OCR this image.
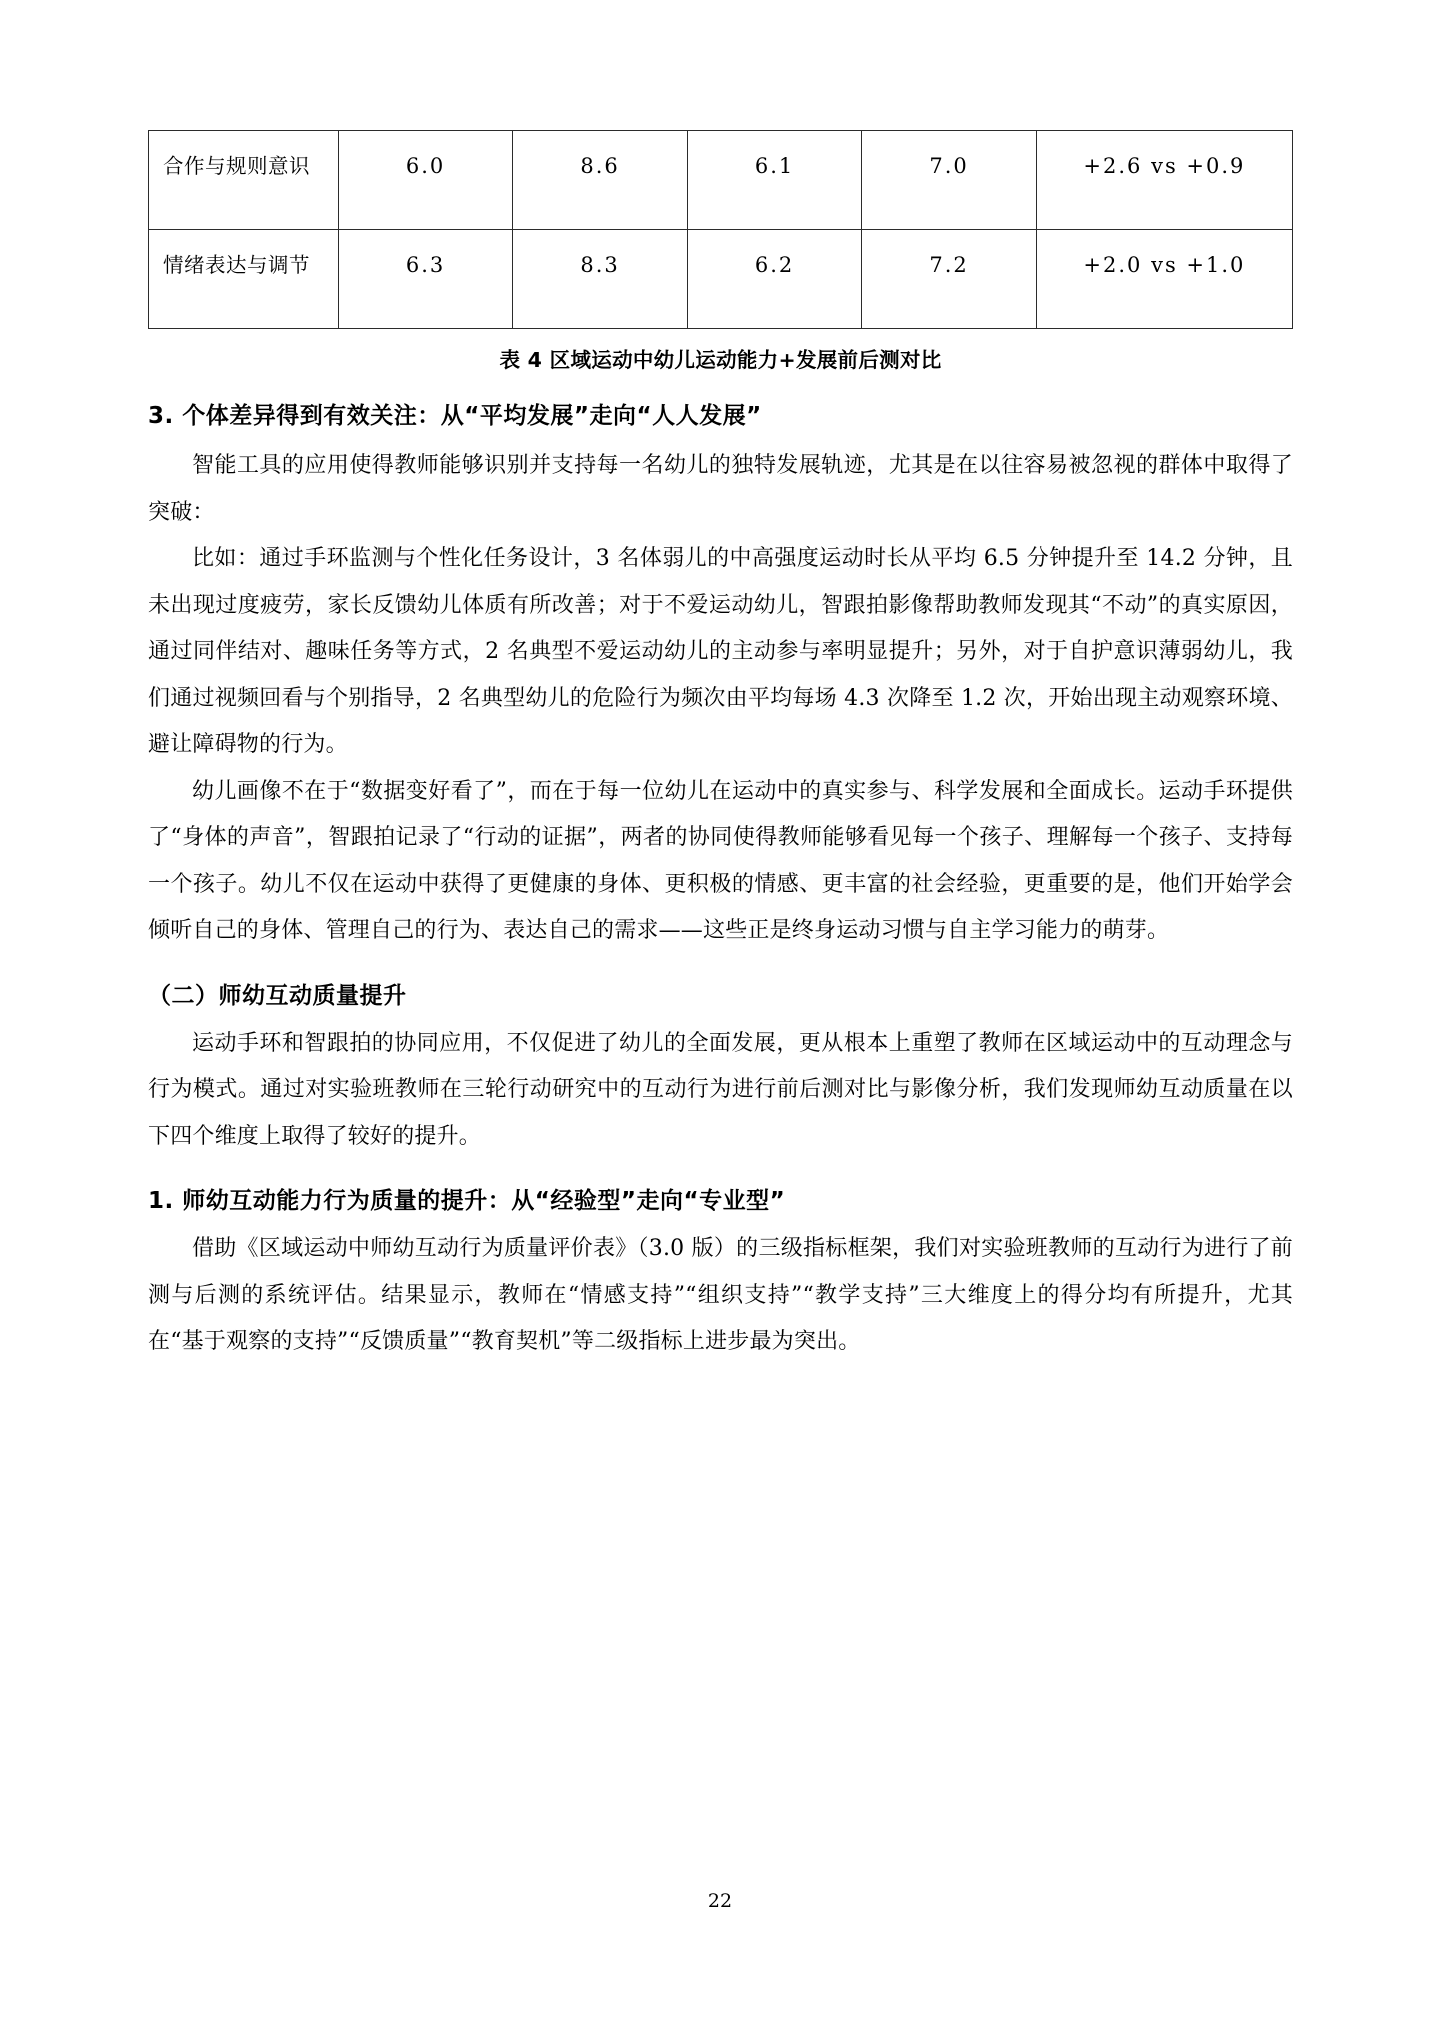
合作与规则意识	6.0	8.6	6.1	7.0	+2.6 vs +0.9

情绪表达与调节	6.3	8.3	6.2	7.2	+2.0 vs +1.0
表 4 区域运动中幼儿运动能力+发展前后测对比
3. 个体差异得到有效关注：从“平均发展”走向“人人发展”

智能工具的应用使得教师能够识别并支持每一名幼儿的独特发展轨迹，尤其是在以往容易被忽视的群体中取得了突破：

比如：通过手环监测与个性化任务设计，3 名体弱儿的中高强度运动时长从平均 6.5 分钟提升至 14.2 分钟，且未出现过度疲劳，家长反馈幼儿体质有所改善；对于不爱运动幼儿，智跟拍影像帮助教师发现其“不动”的真实原因，通过同伴结对、趣味任务等方式，2 名典型不爱运动幼儿的主动参与率明显提升；另外，对于自护意识薄弱幼儿，我们通过视频回看与个别指导，2 名典型幼儿的危险行为频次由平均每场 4.3 次降至 1.2 次，开始出现主动观察环境、避让障碍物的行为。

幼儿画像不在于“数据变好看了”，而在于每一位幼儿在运动中的真实参与、科学发展和全面成长。运动手环提供了“身体的声音”，智跟拍记录了“行动的证据”，两者的协同使得教师能够看见每一个孩子、理解每一个孩子、支持每一个孩子。幼儿不仅在运动中获得了更健康的身体、更积极的情感、更丰富的社会经验，更重要的是，他们开始学会倾听自己的身体、管理自己的行为、表达自己的需求——这些正是终身运动习惯与自主学习能力的萌芽。

（二）师幼互动质量提升

运动手环和智跟拍的协同应用，不仅促进了幼儿的全面发展，更从根本上重塑了教师在区域运动中的互动理念与行为模式。通过对实验班教师在三轮行动研究中的互动行为进行前后测对比与影像分析，我们发现师幼互动质量在以下四个维度上取得了较好的提升。

1. 师幼互动能力行为质量的提升：从“经验型”走向“专业型”

借助《区域运动中师幼互动行为质量评价表》（3.0 版）的三级指标框架，我们对实验班教师的互动行为进行了前测与后测的系统评估。结果显示，教师在“情感支持”“组织支持”“教学支持”三大维度上的得分均有所提升，尤其在“基于观察的支持”“反馈质量”“教育契机”等二级指标上进步最为突出。

22
